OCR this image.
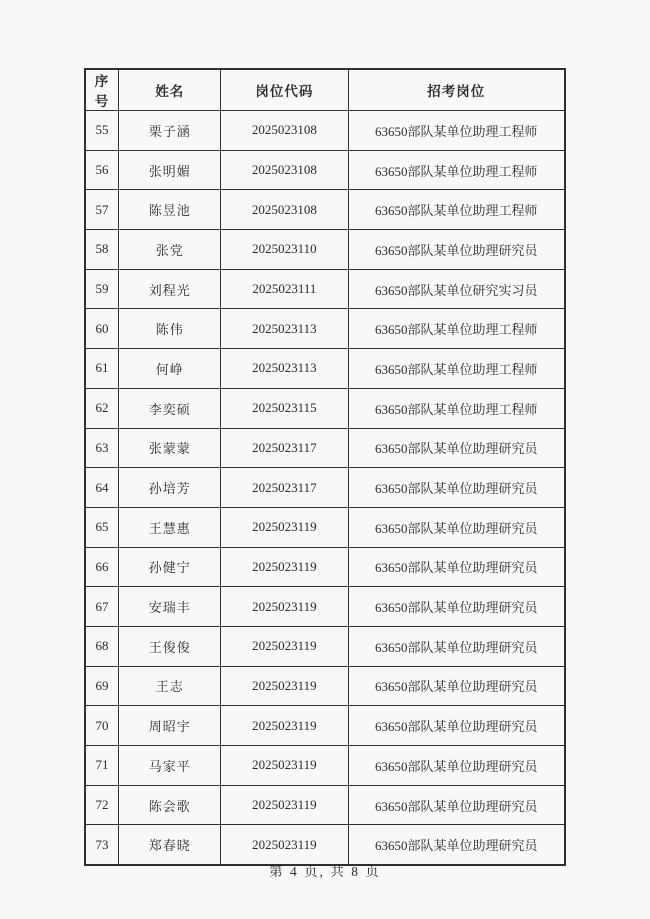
序号	姓名	岗位代码	招考岗位
55	栗子涵	2025023108	63650部队某单位助理工程师
56	张明媚	2025023108	63650部队某单位助理工程师
57	陈昱池	2025023108	63650部队某单位助理工程师
58	张党	2025023110	63650部队某单位助理研究员
59	刘程光	2025023111	63650部队某单位研究实习员
60	陈伟	2025023113	63650部队某单位助理工程师
61	何峥	2025023113	63650部队某单位助理工程师
62	李奕硕	2025023115	63650部队某单位助理工程师
63	张蒙蒙	2025023117	63650部队某单位助理研究员
64	孙培芳	2025023117	63650部队某单位助理研究员
65	王慧惠	2025023119	63650部队某单位助理研究员
66	孙健宁	2025023119	63650部队某单位助理研究员
67	安瑞丰	2025023119	63650部队某单位助理研究员
68	王俊俊	2025023119	63650部队某单位助理研究员
69	王志	2025023119	63650部队某单位助理研究员
70	周昭宇	2025023119	63650部队某单位助理研究员
71	马家平	2025023119	63650部队某单位助理研究员
72	陈会歌	2025023119	63650部队某单位助理研究员
73	郑春晓	2025023119	63650部队某单位助理研究员
第 4 页, 共 8 页
